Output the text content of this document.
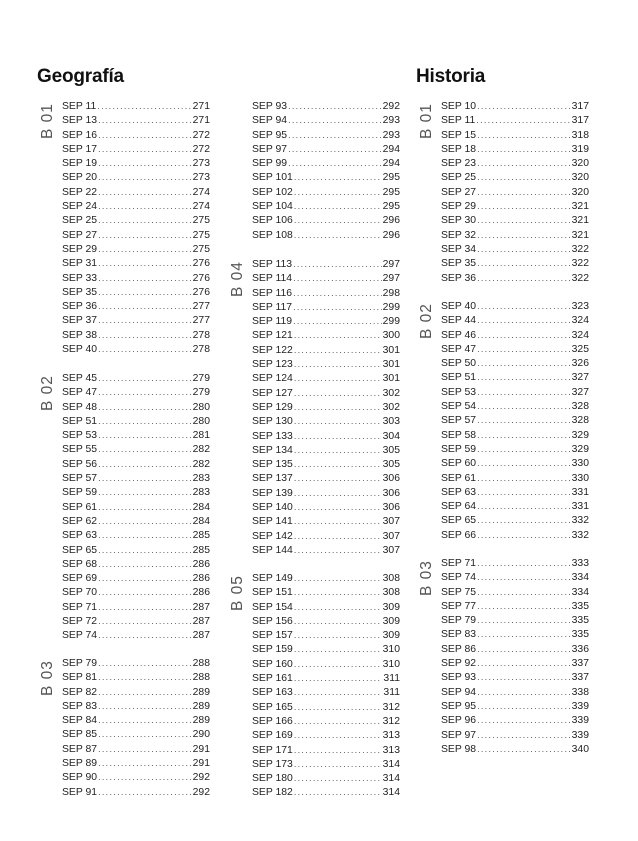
Geografía	Historia
B 01 SEP 11 .....	271
SEP 13 .....	271
SEP 16 .....	272
SEP 17 .....	272
SEP 19 .....	273
SEP 20 .....	273
SEP 22 .....	274
SEP 24 .....	274
SEP 25 .....	275
SEP 27 .....	275
SEP 29 .....	275
SEP 31 .....	276
SEP 33 .....	276
SEP 35 .....	276
SEP 36 .....	277
SEP 37 .....	277
SEP 38 .....	278
SEP 40 .....	278
B 02 SEP 45 .....	279
SEP 47 .....	279
SEP 48 .....	280
SEP 51 .....	280
SEP 53 .....	281
SEP 55 .....	282
SEP 56 .....	282
SEP 57 .....	283
SEP 59 .....	283
SEP 61 .....	284
SEP 62 .....	284
SEP 63 .....	285
SEP 65 .....	285
SEP 68 .....	286
SEP 69 .....	286
SEP 70 .....	286
SEP 71 .....	287
SEP 72 .....	287
SEP 74 .....	287
B 03 SEP 79 .....	288
SEP 81 .....	288
SEP 82 .....	289
SEP 83 .....	289
SEP 84 .....	289
SEP 85 .....	290
SEP 87 .....	291
SEP 89 .....	291
SEP 90 .....	292
SEP 91 .....	292
SEP 93 .....	292
SEP 94 .....	293
SEP 95 .....	293
SEP 97 .....	294
SEP 99 .....	294
SEP 101 .....	295
SEP 102 .....	295
SEP 104 .....	295
SEP 106 .....	296
SEP 108 .....	296
B 04 SEP 113 .....	297
SEP 114 .....	297
SEP 116 .....	298
SEP 117 .....	299
SEP 119 .....	299
SEP 121 .....	300
SEP 122 .....	301
SEP 123 .....	301
SEP 124 .....	301
SEP 127 .....	302
SEP 129 .....	302
SEP 130 .....	303
SEP 133 .....	304
SEP 134 .....	305
SEP 135 .....	305
SEP 137 .....	306
SEP 139 .....	306
SEP 140 .....	306
SEP 141 .....	307
SEP 142 .....	307
SEP 144 .....	307
B 05 SEP 149 .....	308
SEP 151 .....	308
SEP 154 .....	309
SEP 156 .....	309
SEP 157 .....	309
SEP 159 .....	310
SEP 160 .....	310
SEP 161 .....	311
SEP 163 .....	311
SEP 165 .....	312
SEP 166 .....	312
SEP 169 .....	313
SEP 171 .....	313
SEP 173 .....	314
SEP 180 .....	314
SEP 182 .....	314
B 01 SEP 10 .....	317
SEP 11 .....	317
SEP 15 .....	318
SEP 18 .....	319
SEP 23 .....	320
SEP 25 .....	320
SEP 27 .....	320
SEP 29 .....	321
SEP 30 .....	321
SEP 32 .....	321
SEP 34 .....	322
SEP 35 .....	322
SEP 36 .....	322
B 02 SEP 40 .....	323
SEP 44 .....	324
SEP 46 .....	324
SEP 47 .....	325
SEP 50 .....	326
SEP 51 .....	327
SEP 53 .....	327
SEP 54 .....	328
SEP 57 .....	328
SEP 58 .....	329
SEP 59 .....	329
SEP 60 .....	330
SEP 61 .....	330
SEP 63 .....	331
SEP 64 .....	331
SEP 65 .....	332
SEP 66 .....	332
B 03 SEP 71 .....	333
SEP 74 .....	334
SEP 75 .....	334
SEP 77 .....	335
SEP 79 .....	335
SEP 83 .....	335
SEP 86 .....	336
SEP 92 .....	337
SEP 93 .....	337
SEP 94 .....	338
SEP 95 .....	339
SEP 96 .....	339
SEP 97 .....	339
SEP 98 .....	340
